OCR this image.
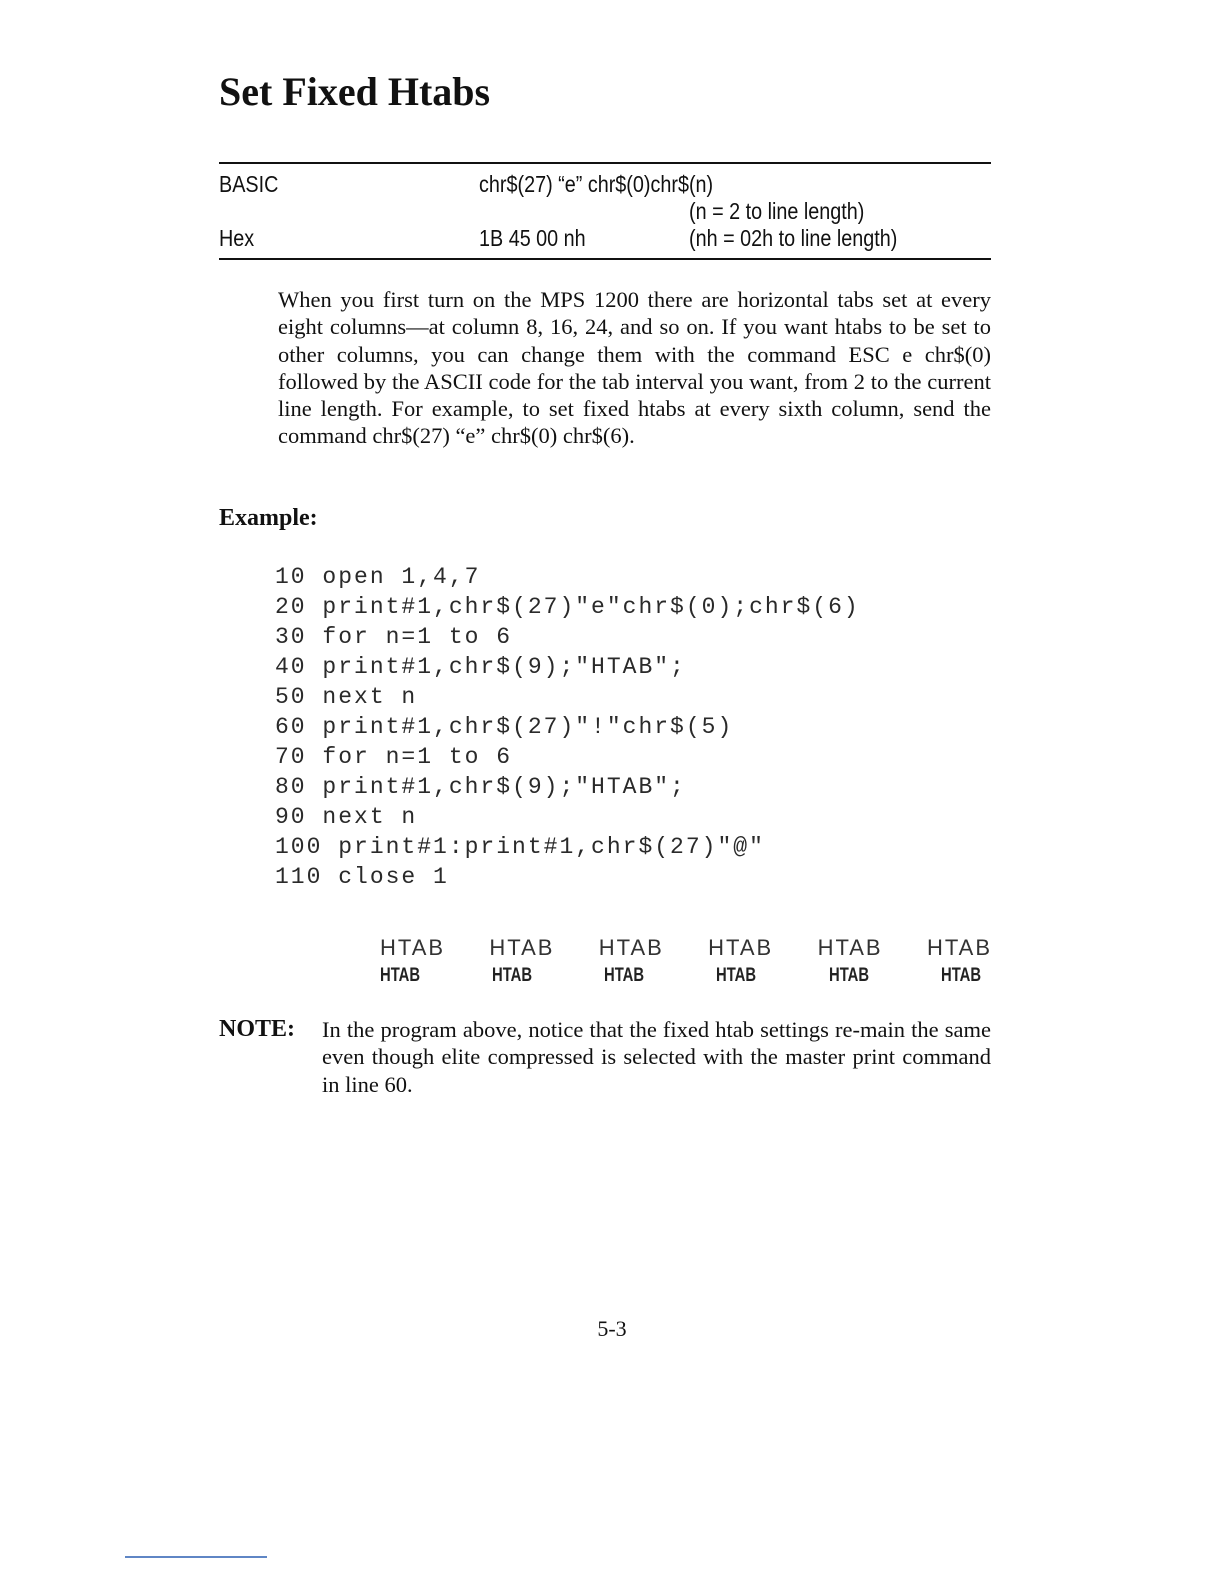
Set Fixed Htabs
BASIC	chr$(27) “e” chr$(0)chr$(n)
(n = 2 to line length)
Hex	1B 45 00 nh	(nh = 02h to line length)

When you first turn on the MPS 1200 there are horizontal tabs set at every eight columns—at column 8, 16, 24, and so on. If you want htabs to be set to other columns, you can change them with the command ESC e chr$(0) followed by the ASCII code for the tab interval you want, from 2 to the current line length. For example, to set fixed htabs at every sixth column, send the command chr$(27) “e” chr$(0) chr$(6).

Example:
10 open 1,4,7
20 print#1,chr$(27)"e"chr$(0);chr$(6)
30 for n=1 to 6
40 print#1,chr$(9);"HTAB";
50 next n
60 print#1,chr$(27)"!"chr$(5)
70 for n=1 to 6
80 print#1,chr$(9);"HTAB";
90 next n
100 print#1:print#1,chr$(27)"@"
110 close 1
HTAB HTAB HTAB HTAB HTAB HTAB
HTAB	HTAB	HTAB	HTAB	HTAB	HTAB
NOTE: In the program above, notice that the fixed htab settings re-main the same even though elite compressed is selected with the master print command in line 60.

5-3
